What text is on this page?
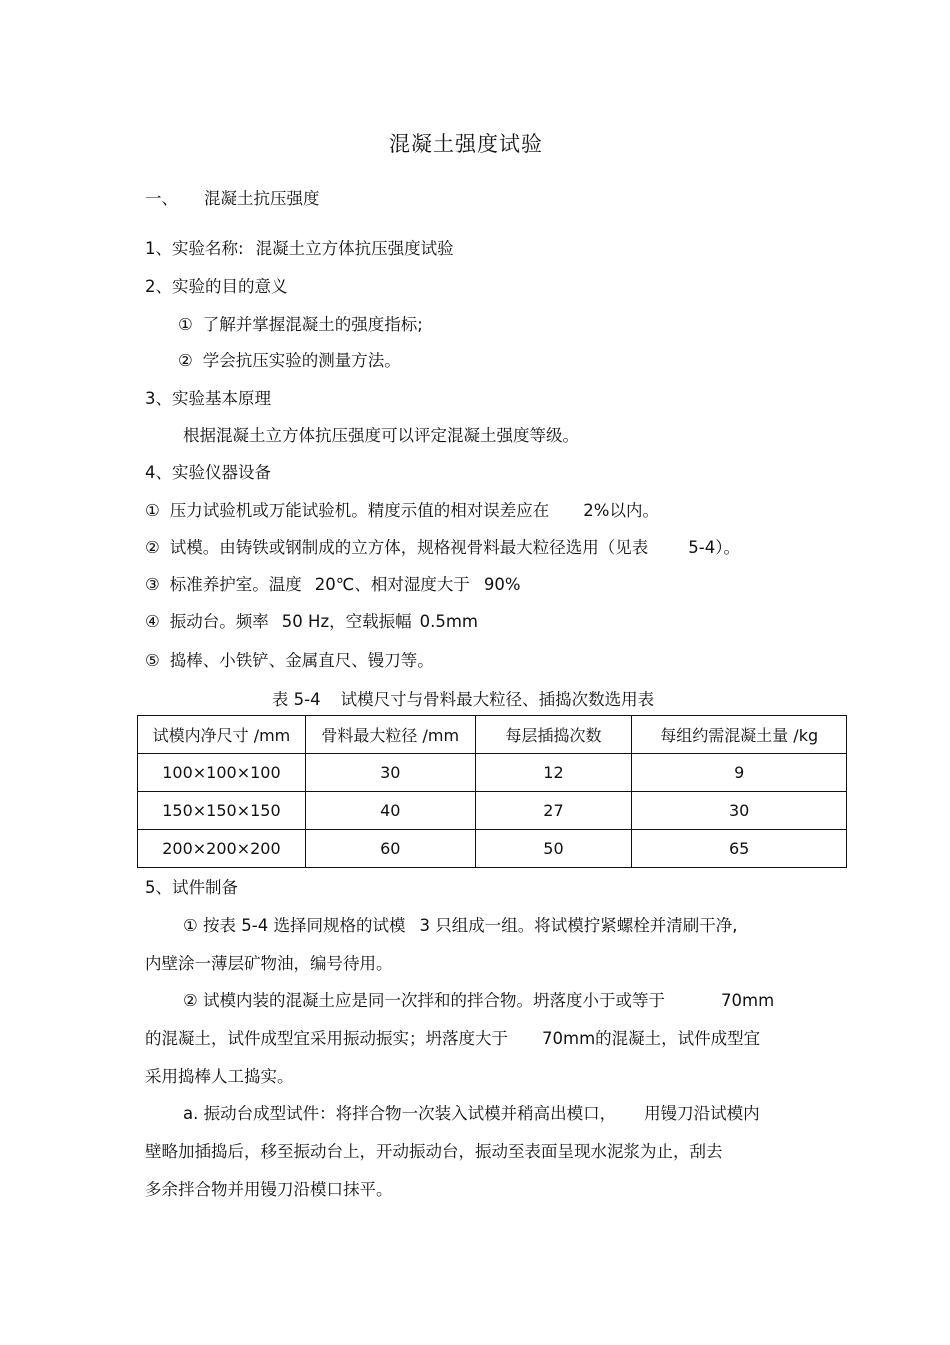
混凝土强度试验
一、 混凝土抗压强度
1、实验名称: 混凝土立方体抗压强度试验
2、实验的目的意义
① 了解并掌握混凝土的强度指标;
② 学会抗压实验的测量方法。
3、实验基本原理
根据混凝土立方体抗压强度可以评定混凝土强度等级。
4、实验仪器设备
① 压力试验机或万能试验机。精度示值的相对误差应在 2%以内。
② 试模。由铸铁或钢制成的立方体，规格视骨料最大粒径选用（见表 5-4）。
③ 标准养护室。温度 20℃、相对湿度大于 90%
④ 振动台。频率 50 Hz，空载振幅 0.5mm
⑤ 捣棒、小铁铲、金属直尺、镘刀等。
表 5-4 试模尺寸与骨料最大粒径、插捣次数选用表
试模内净尺寸 /mm	骨料最大粒径 /mm	每层插捣次数	每组约需混凝土量 /kg
100×100×100	30	12	9
150×150×150	40	27	30
200×200×200	60	50	65
5、试件制备
① 按表 5-4 选择同规格的试模 3 只组成一组。将试模拧紧螺栓并清刷干净,
内壁涂一薄层矿物油，编号待用。
② 试模内装的混凝土应是同一次拌和的拌合物。坍落度小于或等于	70mm
的混凝土，试件成型宜采用振动振实；坍落度大于 70mm的混凝土，试件成型宜
采用捣棒人工捣实。
a. 振动台成型试件：将拌合物一次装入试模并稍高出模口， 用镘刀沿试模内
壁略加插捣后，移至振动台上，开动振动台，振动至表面呈现水泥浆为止，刮去
多余拌合物并用镘刀沿模口抹平。
